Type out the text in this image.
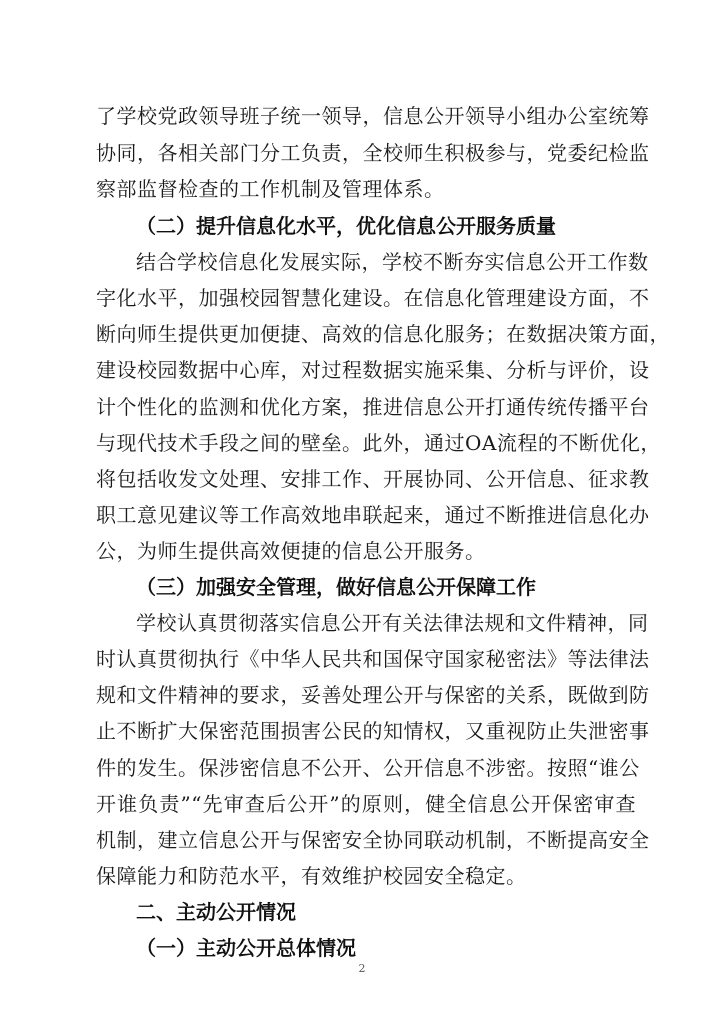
了学校党政领导班子统一领导，信息公开领导小组办公室统筹
协同，各相关部门分工负责，全校师生积极参与，党委纪检监
察部监督检查的工作机制及管理体系。
（二）提升信息化水平，优化信息公开服务质量
结合学校信息化发展实际，学校不断夯实信息公开工作数
字化水平，加强校园智慧化建设。在信息化管理建设方面，不
断向师生提供更加便捷、高效的信息化服务；在数据决策方面，
建设校园数据中心库，对过程数据实施采集、分析与评价，设
计个性化的监测和优化方案，推进信息公开打通传统传播平台
与现代技术手段之间的壁垒。此外，通过OA流程的不断优化，
将包括收发文处理、安排工作、开展协同、公开信息、征求教
职工意见建议等工作高效地串联起来，通过不断推进信息化办
公，为师生提供高效便捷的信息公开服务。
（三）加强安全管理，做好信息公开保障工作
学校认真贯彻落实信息公开有关法律法规和文件精神，同
时认真贯彻执行《中华人民共和国保守国家秘密法》等法律法
规和文件精神的要求，妥善处理公开与保密的关系，既做到防
止不断扩大保密范围损害公民的知情权，又重视防止失泄密事
件的发生。保涉密信息不公开、公开信息不涉密。按照“谁公
开谁负责”“先审查后公开”的原则，健全信息公开保密审查
机制，建立信息公开与保密安全协同联动机制，不断提高安全
保障能力和防范水平，有效维护校园安全稳定。
二、主动公开情况
（一）主动公开总体情况
2
